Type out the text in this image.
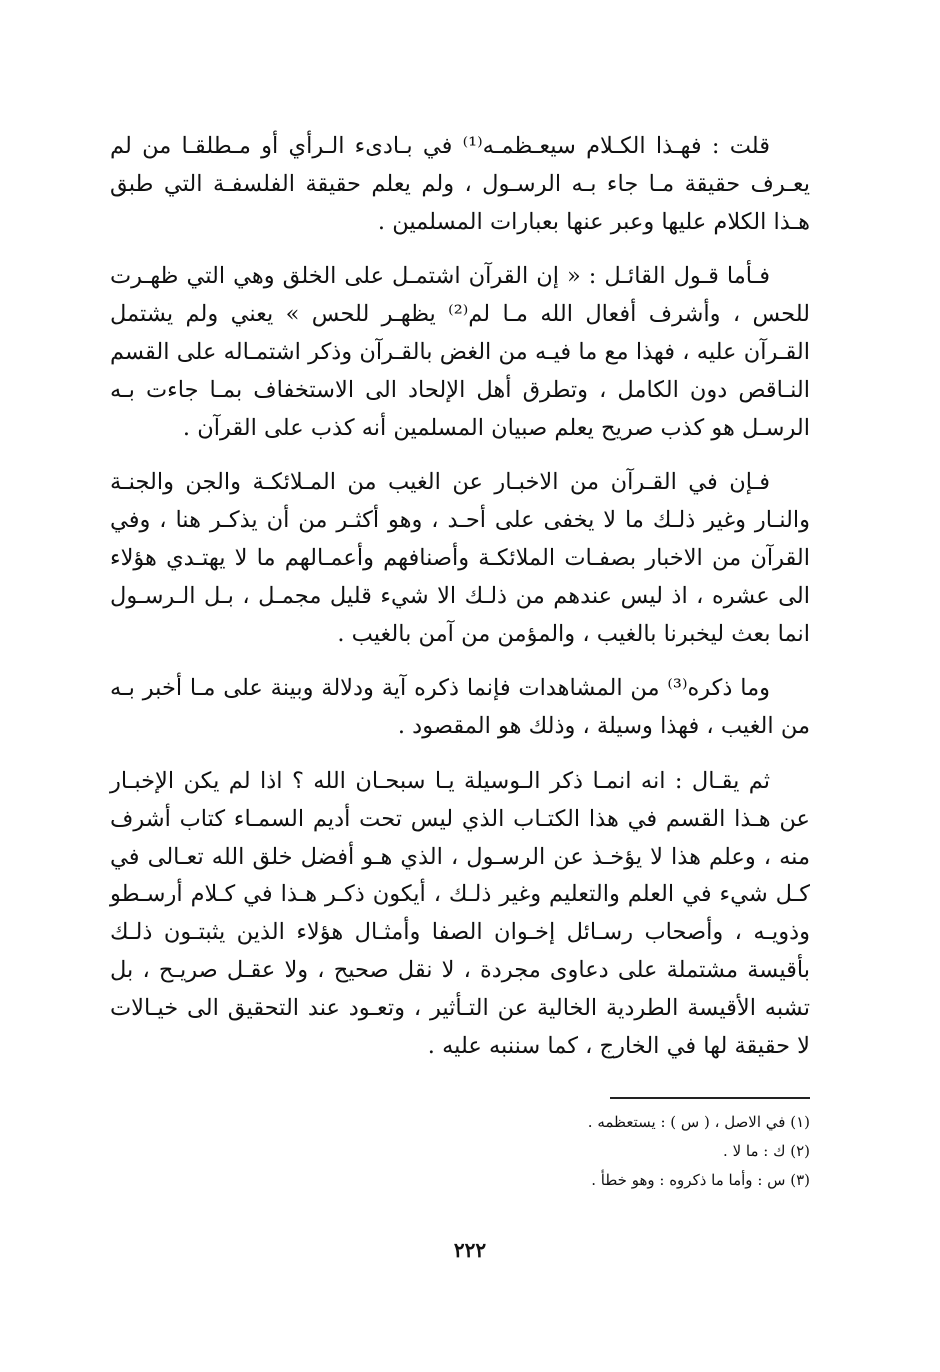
قلت : فهـذا الكـلام سيعـظمـه⁽¹⁾ في بـادىء الـرأي أو مـطلقـا من لم يعـرف حقيقة مـا جاء بـه الرسـول ، ولم يعلم حقيقة الفلسفـة التي طبق هـذا الكلام عليها وعبر عنها بعبارات المسلمين .

فـأما قـول القائـل : « إن القرآن اشتمـل على الخلق وهي التي ظهـرت للحس ، وأشرف أفعال الله مـا لم⁽²⁾ يظهـر للحس » يعني ولم يشتمل القـرآن عليه ، فهذا مع ما فيـه من الغض بالقـرآن وذكر اشتمـاله على القسم النـاقص دون الكامل ، وتطرق أهل الإلحاد الى الاستخفاف بمـا جاءت بـه الرسـل هو كذب صريح يعلم صبيان المسلمين أنه كذب على القرآن .

فـإن في القـرآن من الاخبـار عن الغيب من المـلائكـة والجن والجنـة والنـار وغير ذلـك ما لا يخفى على أحـد ، وهو أكثـر من أن يذكـر هنا ، وفي القرآن من الاخبار بصفـات الملائكـة وأصنافهم وأعمـالهم ما لا يهتـدي هؤلاء الى عشره ، اذ ليس عندهم من ذلـك الا شيء قليل مجمـل ، بـل الـرسـول انما بعث ليخبرنا بالغيب ، والمؤمن من آمن بالغيب .

وما ذكره⁽³⁾ من المشاهدات فإنما ذكره آية ودلالة وبينة على مـا أخبر بـه من الغيب ، فهذا وسيلة ، وذلك هو المقصود .

ثم يقـال : انه انمـا ذكر الـوسيلة يـا سبحـان الله ؟ اذا لم يكن الإخبـار عن هـذا القسم في هذا الكتـاب الذي ليس تحت أديم السمـاء كتاب أشرف منه ، وعلم هذا لا يؤخـذ عن الرسـول ، الذي هـو أفضل خلق الله تعـالى في كـل شيء في العلم والتعليم وغير ذلـك ، أيكون ذكـر هـذا في كـلام أرسـطو وذويـه ، وأصحاب رسـائل إخـوان الصفا وأمثـال هؤلاء الذين يثبتـون ذلـك بأقيسة مشتملة على دعاوى مجردة ، لا نقل صحيح ، ولا عقـل صريـح ، بل تشبه الأقيسة الطردية الخالية عن التـأثير ، وتعـود عند التحقيق الى خيـالات لا حقيقة لها في الخارج ، كما سننبه عليه .

(١) في الاصل ، ( س ) : يستعظمه .
(٢) ك : ما لا .
(٣) س : وأما ما ذكروه : وهو خطأ .
٢٢٢
